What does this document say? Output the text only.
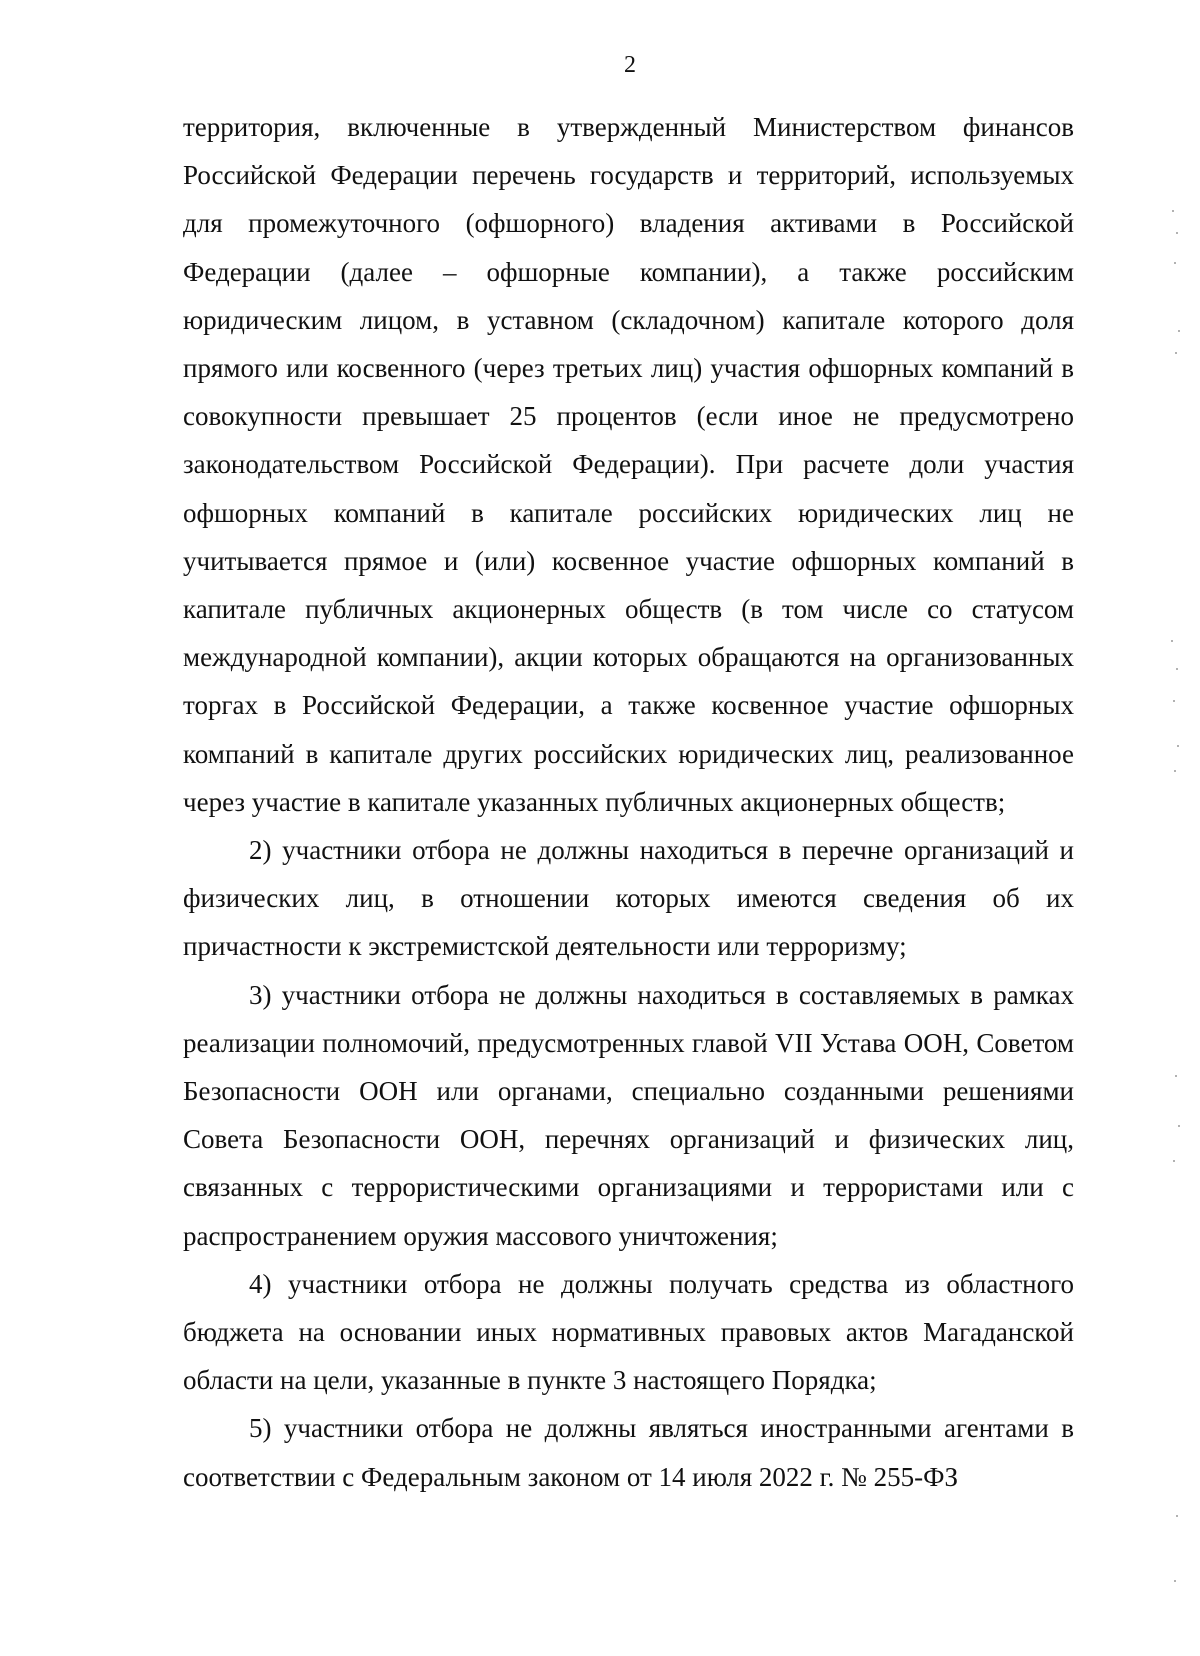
2

территория, включенные в утвержденный Министерством финансов Российской Федерации перечень государств и территорий, используемых для промежуточного (офшорного) владения активами в Российской Федерации (далее – офшорные компании), а также российским юридическим лицом, в уставном (складочном) капитале которого доля прямого или косвенного (через третьих лиц) участия офшорных компаний в совокупности превышает 25 процентов (если иное не предусмотрено законодательством Российской Федерации). При расчете доли участия офшорных компаний в капитале российских юридических лиц не учитывается прямое и (или) косвенное участие офшорных компаний в капитале публичных акционерных обществ (в том числе со статусом международной компании), акции которых обращаются на организованных торгах в Российской Федерации, а также косвенное участие офшорных компаний в капитале других российских юридических лиц, реализованное через участие в капитале указанных публичных акционерных обществ;

2) участники отбора не должны находиться в перечне организаций и физических лиц, в отношении которых имеются сведения об их причастности к экстремистской деятельности или терроризму;

3) участники отбора не должны находиться в составляемых в рамках реализации полномочий, предусмотренных главой VII Устава ООН, Советом Безопасности ООН или органами, специально созданными решениями Совета Безопасности ООН, перечнях организаций и физических лиц, связанных с террористическими организациями и террористами или с распространением оружия массового уничтожения;

4) участники отбора не должны получать средства из областного бюджета на основании иных нормативных правовых актов Магаданской области на цели, указанные в пункте 3 настоящего Порядка;

5) участники отбора не должны являться иностранными агентами в соответствии с Федеральным законом от 14 июля 2022 г. № 255-ФЗ
